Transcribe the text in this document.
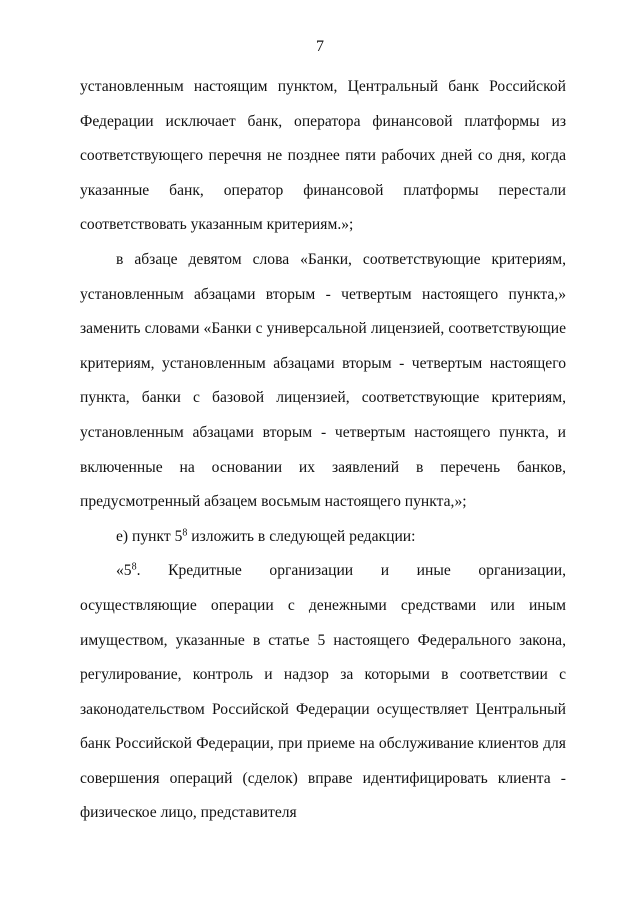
7

установленным настоящим пунктом, Центральный банк Российской Федерации исключает банк, оператора финансовой платформы из соответствующего перечня не позднее пяти рабочих дней со дня, когда указанные банк, оператор финансовой платформы перестали соответствовать указанным критериям.»;

в абзаце девятом слова «Банки, соответствующие критериям, установленным абзацами вторым - четвертым настоящего пункта,» заменить словами «Банки с универсальной лицензией, соответствующие критериям, установленным абзацами вторым - четвертым настоящего пункта, банки с базовой лицензией, соответствующие критериям, установленным абзацами вторым - четвертым настоящего пункта, и включенные на основании их заявлений в перечень банков, предусмотренный абзацем восьмым настоящего пункта,»;

е) пункт $5^8$ изложить в следующей редакции:

«$5^8$. Кредитные организации и иные организации, осуществляющие операции с денежными средствами или иным имуществом, указанные в статье 5 настоящего Федерального закона, регулирование, контроль и надзор за которыми в соответствии с законодательством Российской Федерации осуществляет Центральный банк Российской Федерации, при приеме на обслуживание клиентов для совершения операций (сделок) вправе идентифицировать клиента - физическое лицо, представителя
